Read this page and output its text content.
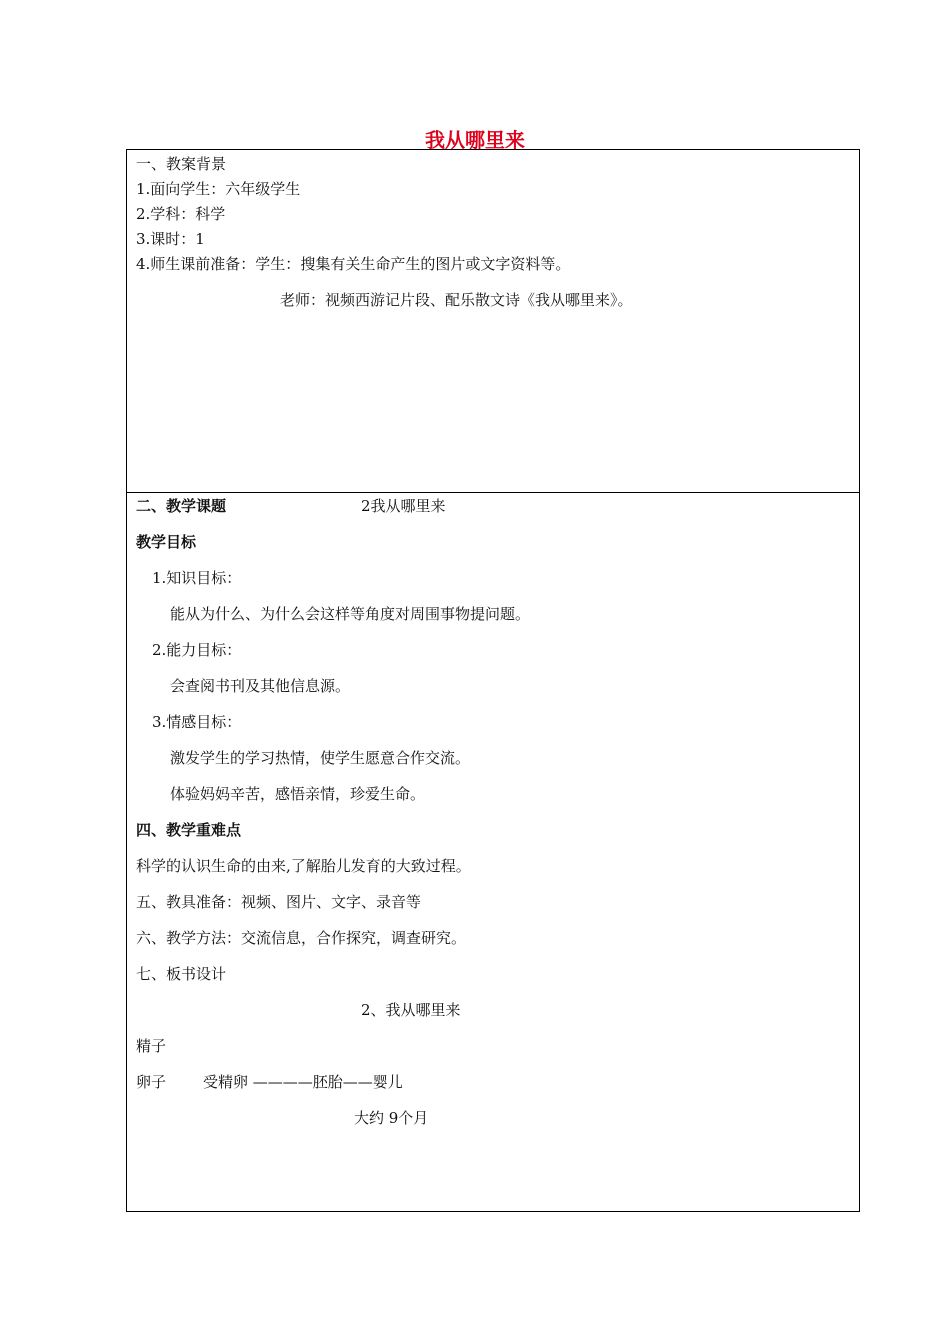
我从哪里来
一、教案背景
1.面向学生：六年级学生
2.学科：科学
3.课时：1
4.师生课前准备：学生：搜集有关生命产生的图片或文字资料等。
老师：视频西游记片段、配乐散文诗《我从哪里来》。
二、教学课题	2我从哪里来
教学目标
1.知识目标：
能从为什么、为什么会这样等角度对周围事物提问题。
2.能力目标：
会查阅书刊及其他信息源。
3.情感目标：
激发学生的学习热情，使学生愿意合作交流。
体验妈妈辛苦，感悟亲情，珍爱生命。
四、教学重难点
科学的认识生命的由来,了解胎儿发育的大致过程。
五、教具准备：视频、图片、文字、录音等
六、教学方法：交流信息，合作探究，调查研究。
七、板书设计
2、我从哪里来
精子
卵子 受精卵 ————胚胎——婴儿
大约 9个月
